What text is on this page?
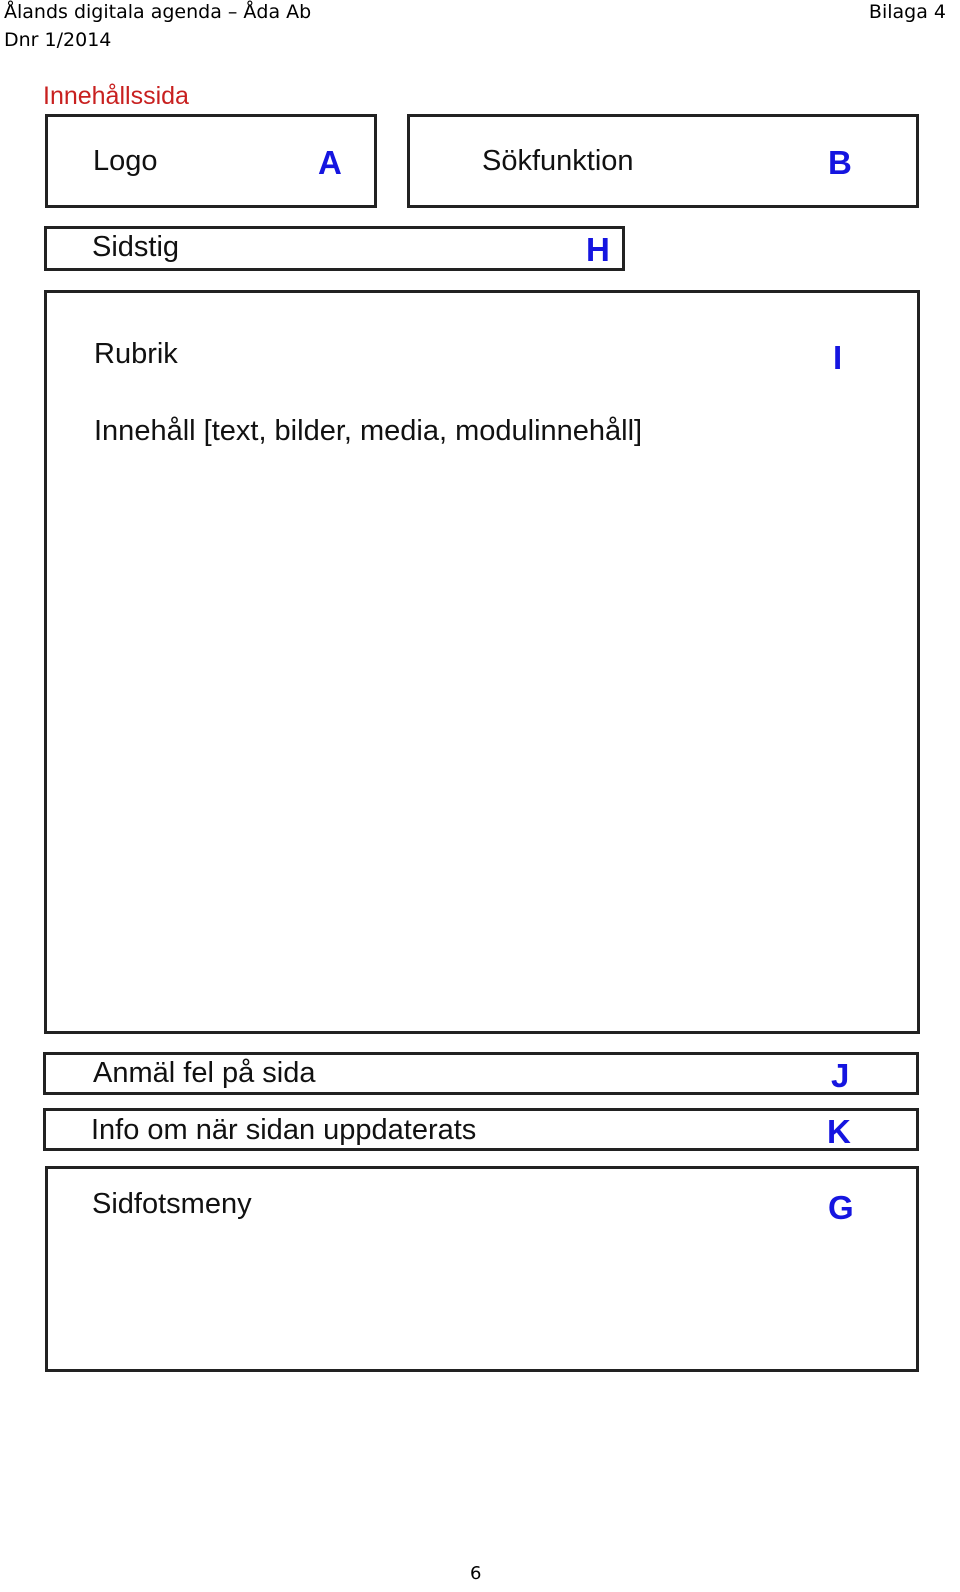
Ålands digitala agenda – Åda Ab
Dnr 1/2014
Bilaga 4
Innehållssida
Logo	A	Sökfunktion	B
Sidstig	H
Rubrik
Innehåll [text, bilder, media, modulinnehåll]
I
Anmäl fel på sida	J
Info om när sidan uppdaterats	K
Sidfotsmeny	G
6
